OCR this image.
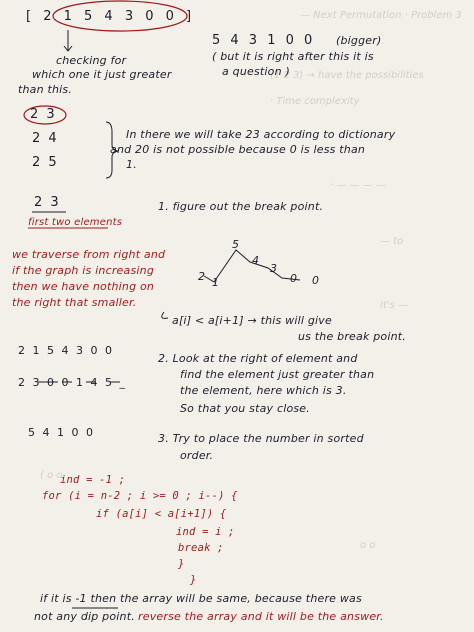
— Next Permutation · Problem 3
(1 2 3) → have the possibilities
· Time complexity
· — — — —
— to
It's —
( o o
o o
[ 2 1 5 4 3 0 0 ]
checking for
which one it just greater
than this.
5 4 3 1 0 0 (bigger)
( but it is right after this it is
a question )
2 3
2 4
2 5
In there we will take 23 according to dictionary
and 20 is not possible because 0 is less than
1.
2 3
first two elements
1. figure out the break point.
we traverse from right and
if the graph is increasing
then we have nothing on
the right that smaller.
2 1
5
4
3
0 0
a[i] < a[i+1] → this will give
us the break point.
2 1 5 4 3 0 0
2 3 0 0 1 4 5 _
5 4 1 0 0
2. Look at the right of element and
find the element just greater than
the element, here which is 3.
So that you stay close.
3. Try to place the number in sorted
order.
ind = -1 ;
for (i = n-2 ; i >= 0 ; i--) {
if (a[i] < a[i+1]) {
ind = i ;
break ;
}
}
if it is -1 then the array will be same, because there was
not any dip point. reverse the array and it will be the answer.
